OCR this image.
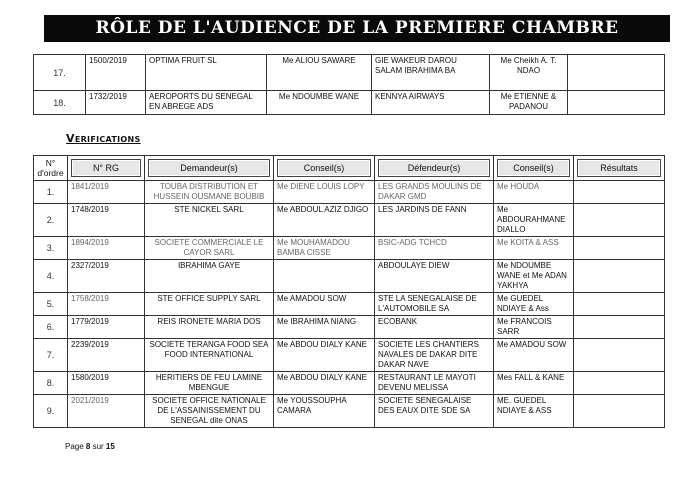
RÔLE DE L'AUDIENCE DE LA PREMIERE CHAMBRE
17.	1500/2019	OPTIMA FRUIT SL	Me ALIOU SAWARE	GIE WAKEUR DAROU SALAM IBRAHIMA BA	Me Cheikh A. T. NDAO	
18.	1732/2019	AEROPORTS DU SENEGAL EN ABREGE ADS	Me NDOUMBE WANE	KENNYA AIRWAYS	Me ETIENNE & PADANOU	
Verifications
N° d'ordre	N° RG	Demandeur(s)	Conseil(s)	Défendeur(s)	Conseil(s)	Résultats

1.	1841/2019	TOUBA DISTRIBUTION ET HUSSEIN OUSMANE BOUBIB	Me DIENE LOUIS LOPY	LES GRANDS MOULINS DE DAKAR GMD	Me HOUDA	
2.	1748/2019	STE NICKEL SARL	Me ABDOUL AZIZ DJIGO	LES JARDINS DE FANN	Me ABDOURAHMANE DIALLO	
3.	1894/2019	SOCIETE COMMERCIALE LE CAYOR SARL	Me MOUHAMADOU BAMBA CISSE	BSIC-ADG TCHCD	Me KOITA & ASS	
4.	2327/2019	IBRAHIMA GAYE		ABDOULAYE DIEW	Me NDOUMBE WANE et Me ADAN YAKHYA	
5.	1758/2019	STE OFFICE SUPPLY SARL	Me AMADOU SOW	STE LA SENEGALAISE DE L'AUTOMOBILE SA	Me GUEDEL NDIAYE & Ass	
6.	1779/2019	REIS IRONETE MARIA DOS	Me IBRAHIMA NIANG	ECOBANK	Me FRANCOIS SARR	
7.	2239/2019	SOCIETE TERANGA FOOD SEA FOOD INTERNATIONAL	Me ABDOU DIALY KANE	SOCIETE LES CHANTIERS NAVALES DE DAKAR DITE DAKAR NAVE	Me AMADOU SOW	
8.	1580/2019	HERITIERS DE FEU LAMINE MBENGUE	Me ABDOU DIALY KANE	RESTAURANT LE MAYOTI DEVENU MELISSA	Mes FALL & KANE	
9.	2021/2019	SOCIETE OFFICE NATIONALE DE L'ASSAINISSEMENT DU SENEGAL dite ONAS	Me YOUSSOUPHA CAMARA	SOCIETE SENEGALAISE DES EAUX DITE SDE SA	ME. GUEDEL NDIAYE & ASS	
Page 8 sur 15
